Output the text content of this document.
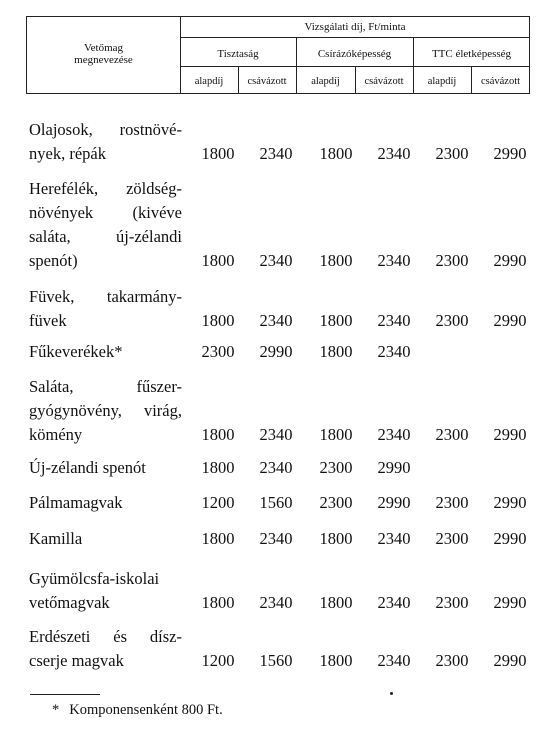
Vetőmag
megnevezése
Vizsgálati díj, Ft/minta
Tisztaság	Csírázóképesség	TTC életképesség
alapdíj	csávázott	alapdíj	csávázott	alapdíj	csávázott
Olajosok, rostnövé-
nyek, répák	1800	2340	1800	2340	2300	2990
Herefélék, zöldség-
növények (kivéve
saláta, új-zélandi
spenót)	1800	2340	1800	2340	2300	2990
Füvek, takarmány-
füvek	1800	2340	1800	2340	2300	2990
Fűkeverékek*	2300	2990	1800	2340
Saláta, fűszer-
gyógynövény, virág,
kömény	1800	2340	1800	2340	2300	2990
Új-zélandi spenót	1800	2340	2300	2990
Pálmamagvak	1200	1560	2300	2990	2300	2990
Kamilla	1800	2340	1800	2340	2300	2990
Gyümölcsfa-iskolai
vetőmagvak	1800	2340	1800	2340	2300	2990
Erdészeti és dísz-
cserje magvak	1200	1560	1800	2340	2300	2990
* Komponensenként 800 Ft.
